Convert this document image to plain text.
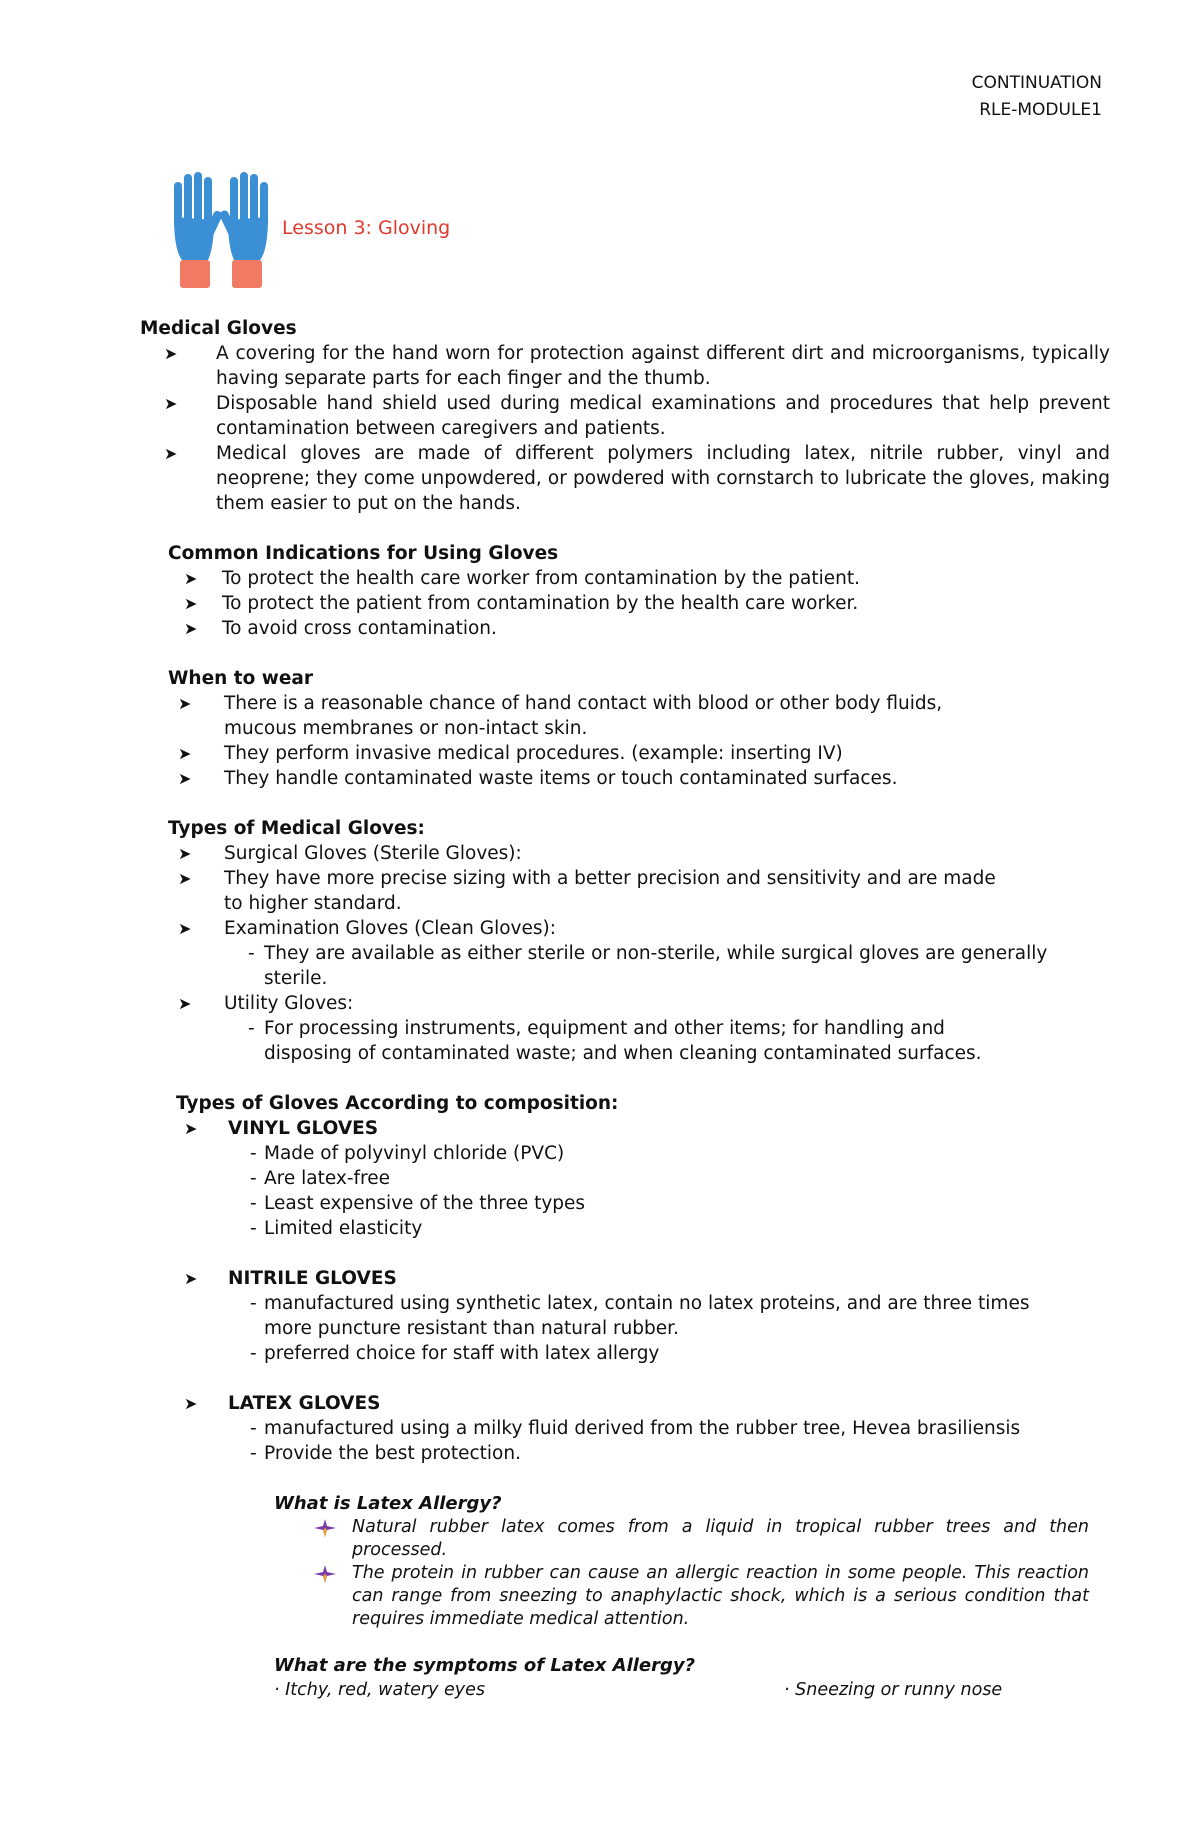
CONTINUATION
RLE-MODULE1
Lesson 3: Gloving
Medical Gloves
➤	A covering for the hand worn for protection against different dirt and microorganisms, typically having separate parts for each finger and the thumb.
➤	Disposable hand shield used during medical examinations and procedures that help prevent contamination between caregivers and patients.
➤	Medical gloves are made of different polymers including latex, nitrile rubber, vinyl and neoprene; they come unpowdered, or powdered with cornstarch to lubricate the gloves, making them easier to put on the hands.
Common Indications for Using Gloves
➤	To protect the health care worker from contamination by the patient.
➤	To protect the patient from contamination by the health care worker.
➤	To avoid cross contamination.
When to wear
➤	There is a reasonable chance of hand contact with blood or other body fluids, mucous membranes or non-intact skin.
➤	They perform invasive medical procedures. (example: inserting IV)
➤	They handle contaminated waste items or touch contaminated surfaces.
Types of Medical Gloves:
➤	Surgical Gloves (Sterile Gloves):
➤	They have more precise sizing with a better precision and sensitivity and are made to higher standard.
➤	Examination Gloves (Clean Gloves):
- They are available as either sterile or non-sterile, while surgical gloves are generally sterile.
➤	Utility Gloves:
- For processing instruments, equipment and other items; for handling and disposing of contaminated waste; and when cleaning contaminated surfaces.
Types of Gloves According to composition:
➤	VINYL GLOVES
- Made of polyvinyl chloride (PVC)
- Are latex-free
- Least expensive of the three types
- Limited elasticity
➤	NITRILE GLOVES
- manufactured using synthetic latex, contain no latex proteins, and are three times more puncture resistant than natural rubber.
- preferred choice for staff with latex allergy
➤	LATEX GLOVES
- manufactured using a milky fluid derived from the rubber tree, Hevea brasiliensis
- Provide the best protection.
What is Latex Allergy?
Natural rubber latex comes from a liquid in tropical rubber trees and then processed.
The protein in rubber can cause an allergic reaction in some people. This reaction can range from sneezing to anaphylactic shock, which is a serious condition that requires immediate medical attention.
What are the symptoms of Latex Allergy?
· Itchy, red, watery eyes	· Sneezing or runny nose
